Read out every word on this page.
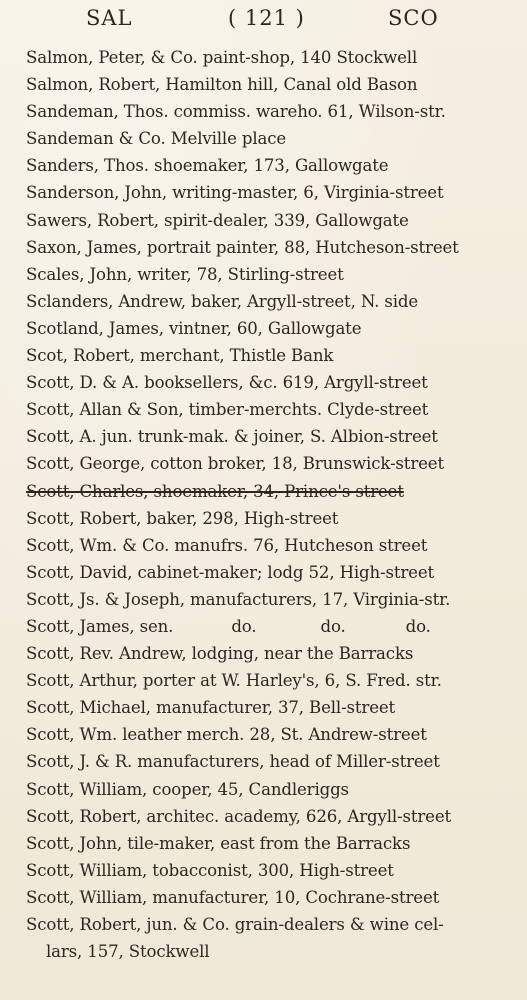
SAL	( 121 )	SCO
Salmon, Peter, & Co. paint-shop, 140 Stockwell
Salmon, Robert, Hamilton hill, Canal old Bason
Sandeman, Thos. commiss. wareho. 61, Wilson-str.
Sandeman & Co. Melville place
Sanders, Thos. shoemaker, 173, Gallowgate
Sanderson, John, writing-master, 6, Virginia-street
Sawers, Robert, spirit-dealer, 339, Gallowgate
Saxon, James, portrait painter, 88, Hutcheson-street
Scales, John, writer, 78, Stirling-street
Sclanders, Andrew, baker, Argyll-street, N. side
Scotland, James, vintner, 60, Gallowgate
Scot, Robert, merchant, Thistle Bank
Scott, D. & A. booksellers, &c. 619, Argyll-street
Scott, Allan & Son, timber-merchts. Clyde-street
Scott, A. jun. trunk-mak. & joiner, S. Albion-street
Scott, George, cotton broker, 18, Brunswick-street
Scott, Charles, shoemaker, 34, Prince's street
Scott, Robert, baker, 298, High-street
Scott, Wm. & Co. manufrs. 76, Hutcheson street
Scott, David, cabinet-maker; lodg 52, High-street
Scott, Js. & Joseph, manufacturers, 17, Virginia-str.
Scott, James, sen.	do.	do.	do.
Scott, Rev. Andrew, lodging, near the Barracks
Scott, Arthur, porter at W. Harley's, 6, S. Fred. str.
Scott, Michael, manufacturer, 37, Bell-street
Scott, Wm. leather merch. 28, St. Andrew-street
Scott, J. & R. manufacturers, head of Miller-street
Scott, William, cooper, 45, Candleriggs
Scott, Robert, architec. academy, 626, Argyll-street
Scott, John, tile-maker, east from the Barracks
Scott, William, tobacconist, 300, High-street
Scott, William, manufacturer, 10, Cochrane-street
Scott, Robert, jun. & Co. grain-dealers & wine cel-
lars, 157, Stockwell
